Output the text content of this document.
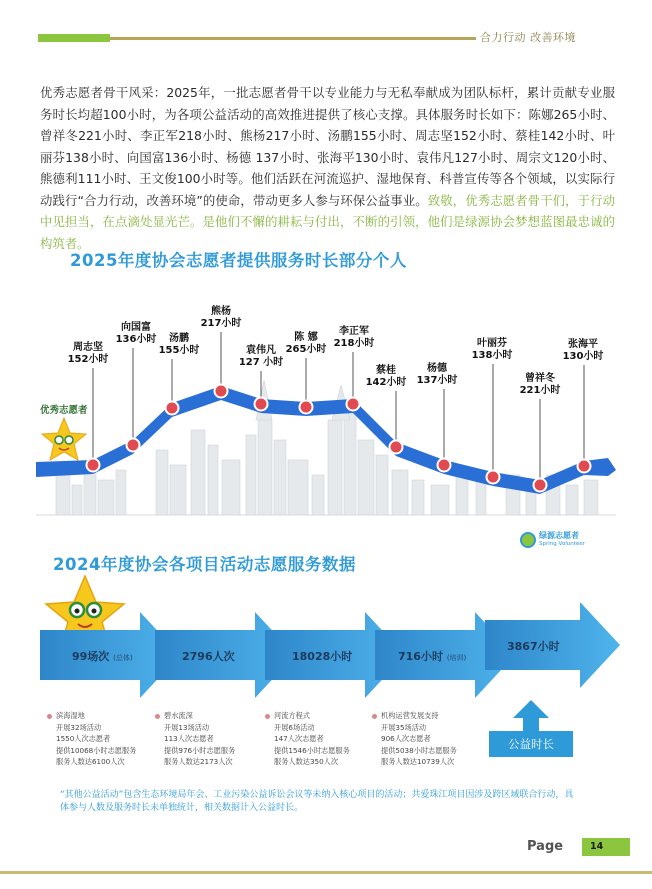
合力行动 改善环境
优秀志愿者骨干风采：2025年，一批志愿者骨干以专业能力与无私奉献成为团队标杆，累计贡献专业服务时长均超100小时，为各项公益活动的高效推进提供了核心支撑。具体服务时长如下：陈娜265小时、曾祥冬221小时、李正军218小时、熊杨217小时、汤鹏155小时、周志坚152小时、蔡桂142小时、叶丽芬138小时、向国富136小时、杨德 137小时、张海平130小时、袁伟凡127小时、周宗文120小时、熊德利111小时、王文俊100小时等。他们活跃在河流巡护、湿地保育、科普宣传等各个领域，以实际行动践行“合力行动，改善环境”的使命，带动更多人参与环保公益事业。致敬，优秀志愿者骨干们，于行动中见担当，在点滴处显光芒。是他们不懈的耕耘与付出，不断的引领，他们是绿源协会梦想蓝图最忠诚的构筑者。
2025年度协会志愿者提供服务时长部分个人
周志坚
152小时
向国富
136小时	汤鹏
155小时
熊杨
217小时
袁伟凡
127 小时
陈 娜
265小时
李正军
218小时
蔡桂
142小时
杨德
137小时
叶丽芬
138小时
曾祥冬
221小时
张海平
130小时
优秀志愿者
绿源志愿者
Spring Volunteer
2024年度协会各项目活动志愿服务数据
99场次 (总体)	2796人次	18028小时	716小时 (培训)
3867小时
滨海湿地
开展32场活动
1550人次志愿者
提供10068小时志愿服务
服务人数达6100人次
碧水流深
开展13场活动
113人次志愿者
提供976小时志愿服务
服务人数达2173人次
河流方程式
开展6场活动
147人次志愿者
提供1546小时志愿服务
服务人数达350人次
机构运营发展支持
开展35场活动
906人次志愿者
提供5038小时志愿服务
服务人数达10739人次
公益时长
“其他公益活动”包含生态环境局年会、工业污染公益诉讼会议等未纳入核心项目的活动；共爱珠江项目因涉及跨区域联合行动，具体参与人数及服务时长未单独统计，相关数据计入公益时长。
Page	14
